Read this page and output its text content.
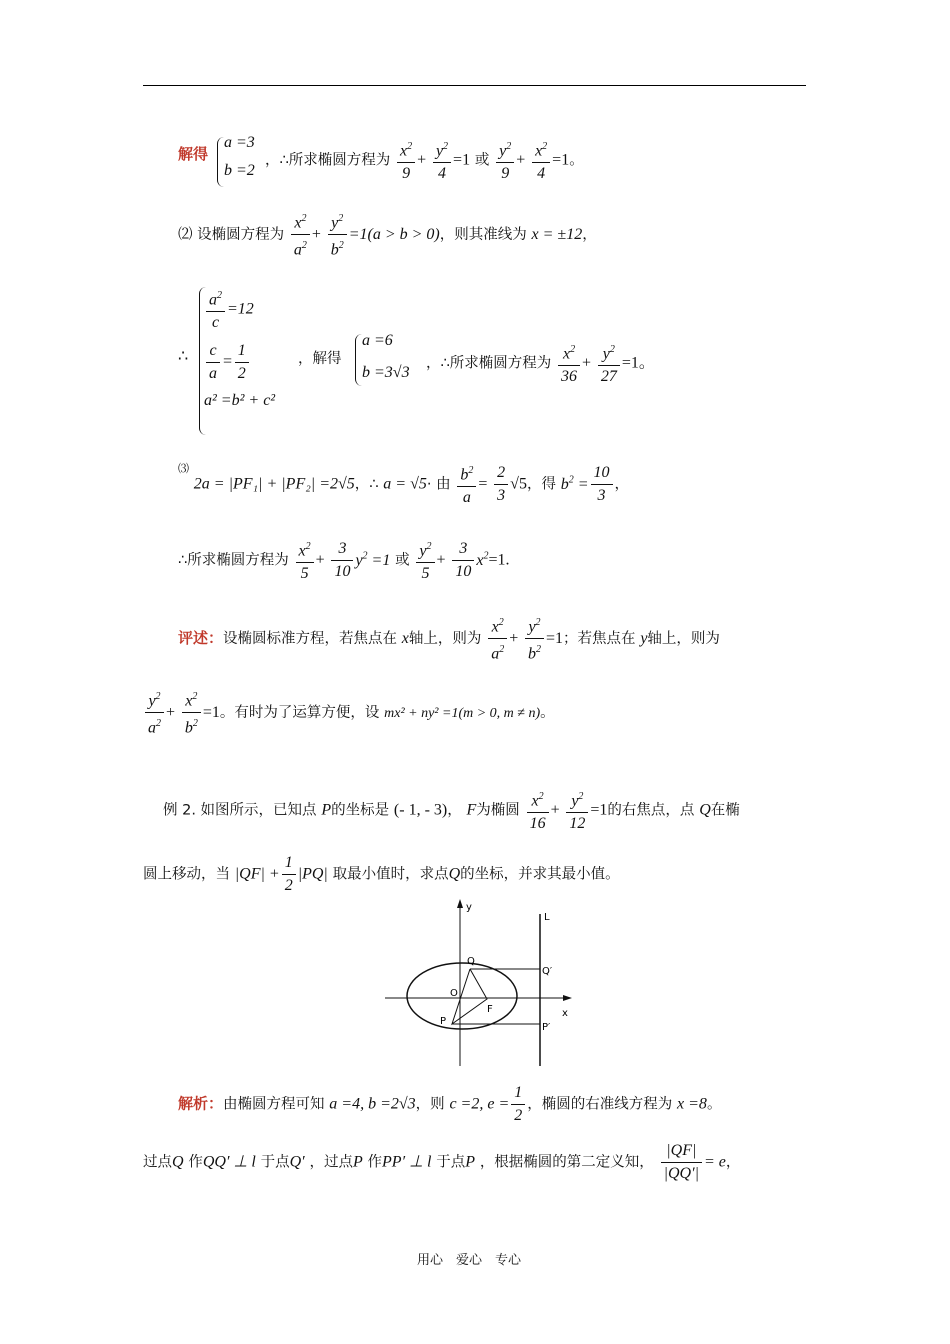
解得
a =3
b =2
，∴所求椭圆方程为 $\frac{x^2}{9} + \frac{y^2}{4} =1$ 或 $\frac{y^2}{9} + \frac{x^2}{4} =1$。
⑵ 设椭圆方程为 $\frac{x^2}{a^2} + \frac{y^2}{b^2} =1(a > b > 0)$，则其准线为 x = ±12，
∴
$\frac{a^2}{c} =12$
$\frac{c}{a} = \frac{1}{2}$
a² =b² + c²
，解得
a =6
b =3√3
，∴所求椭圆方程为 $\frac{x^2}{36} + \frac{y^2}{27} =1$。
⑶ 2a = |PF₁| + |PF₂| =2√5，∴ a = √5· 由 $\frac{b^2}{a} = \frac{2}{3} √5$，得 $b^2 = \frac{10}{3}$ ，
∴所求椭圆方程为 $\frac{x^2}{5} + \frac{3}{10} y^2 =1$ 或 $\frac{y^2}{5} + \frac{3}{10} x^2=1$.
评述：设椭圆标准方程，若焦点在 x轴上，则为 $\frac{x^2}{a^2} + \frac{y^2}{b^2} =1$；若焦点在 y轴上，则为
$\frac{y^2}{a^2} + \frac{x^2}{b^2} =1$。有时为了运算方便，设 mx² + ny² =1(m > 0, m ≠ n)。
例 2. 如图所示，已知点 P的坐标是 (- 1, - 3)， F为椭圆 $\frac{x^2}{16} + \frac{y^2}{12} =1$的右焦点，点 Q在椭
圆上移动，当 $|QF| + \frac{1}{2} |PQ|$ 取最小值时，求点Q的坐标，并求其最小值。
y
L
Q
Q′
O
F	x
P
P′
解析：由椭圆方程可知 a =4, b =2√3，则 c =2, $e = \frac{1}{2}$ ，椭圆的右准线方程为 x =8。
过点Q 作QQ′ ⊥ l 于点Q′ ，过点P 作PP′ ⊥ l 于点P ，根据椭圆的第二定义知， $\frac{|QF|}{|QQ'|} = e$，
用心　爱心　专心
